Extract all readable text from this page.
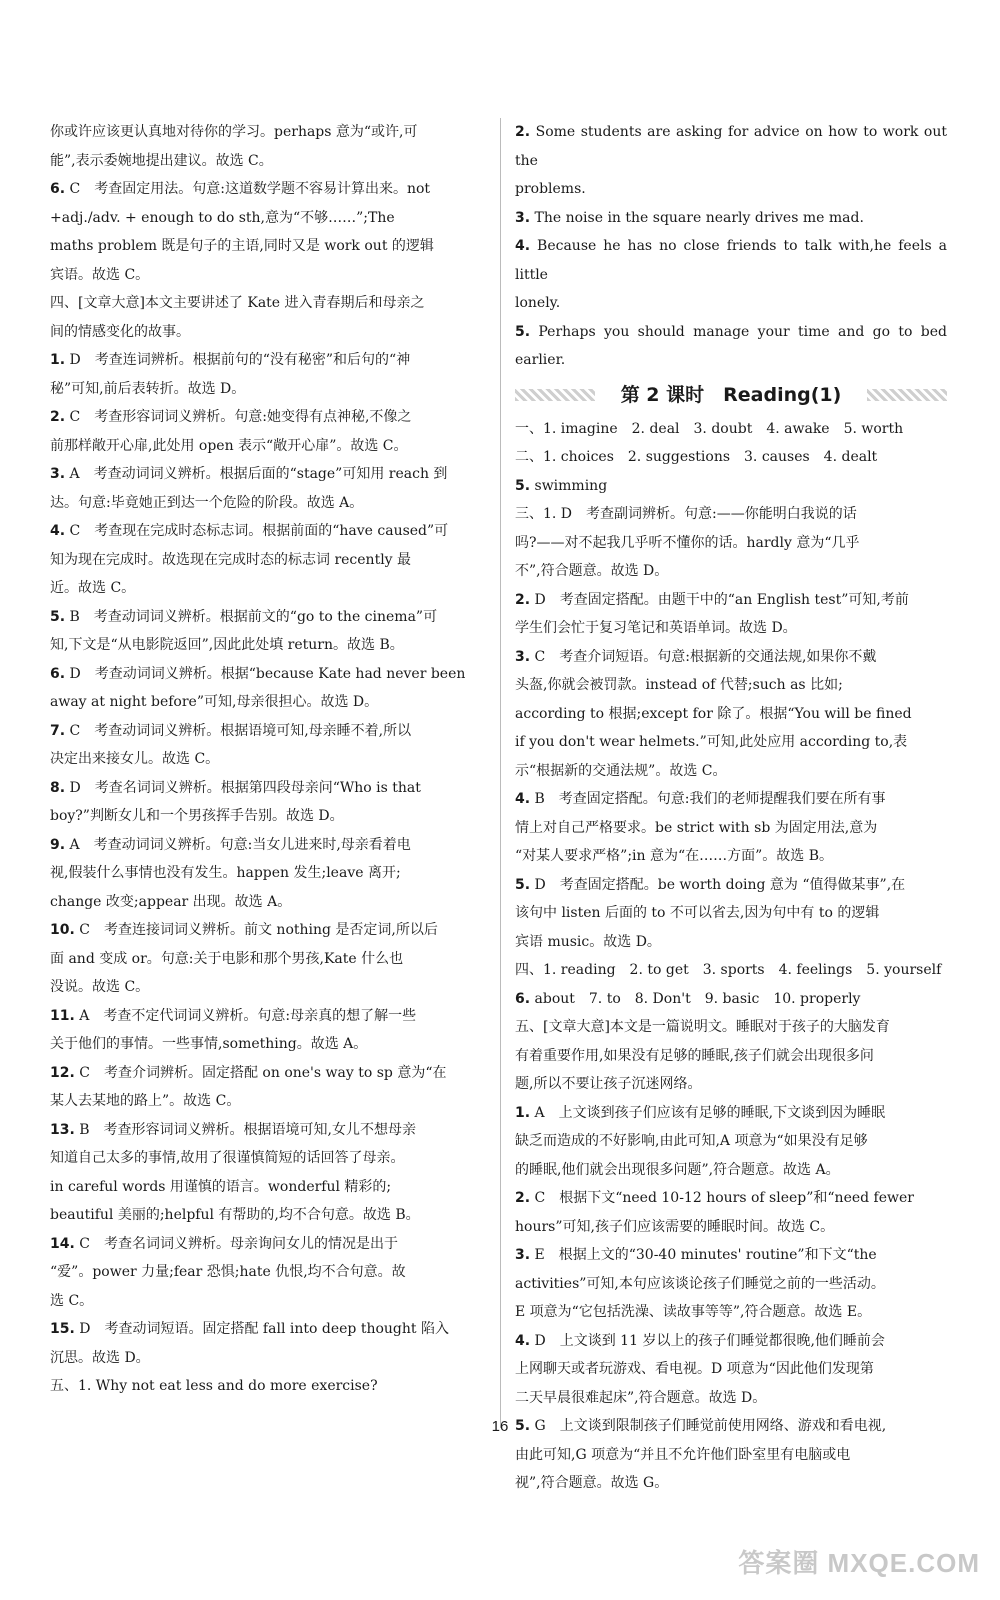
你或许应该更认真地对待你的学习。perhaps 意为“或许,可

能”,表示委婉地提出建议。故选 C。

6. C　考查固定用法。句意:这道数学题不容易计算出来。not

+adj./adv. + enough to do sth,意为“不够……”;The

maths problem 既是句子的主语,同时又是 work out 的逻辑

宾语。故选 C。

四、[文章大意]本文主要讲述了 Kate 进入青春期后和母亲之

间的情感变化的故事。

1. D　考查连词辨析。根据前句的“没有秘密”和后句的“神

秘”可知,前后表转折。故选 D。

2. C　考查形容词词义辨析。句意:她变得有点神秘,不像之

前那样敞开心扉,此处用 open 表示“敞开心扉”。故选 C。

3. A　考查动词词义辨析。根据后面的“stage”可知用 reach 到

达。句意:毕竟她正到达一个危险的阶段。故选 A。

4. C　考查现在完成时态标志词。根据前面的“have caused”可

知为现在完成时。故选现在完成时态的标志词 recently 最

近。故选 C。

5. B　考查动词词义辨析。根据前文的“go to the cinema”可

知,下文是“从电影院返回”,因此此处填 return。故选 B。

6. D　考查动词词义辨析。根据“because Kate had never been

away at night before”可知,母亲很担心。故选 D。

7. C　考查动词词义辨析。根据语境可知,母亲睡不着,所以

决定出来接女儿。故选 C。

8. D　考查名词词义辨析。根据第四段母亲问“Who is that

boy?”判断女儿和一个男孩挥手告别。故选 D。

9. A　考查动词词义辨析。句意:当女儿进来时,母亲看着电

视,假装什么事情也没有发生。happen 发生;leave 离开;

change 改变;appear 出现。故选 A。

10. C　考查连接词词义辨析。前文 nothing 是否定词,所以后

面 and 变成 or。句意:关于电影和那个男孩,Kate 什么也

没说。故选 C。

11. A　考查不定代词词义辨析。句意:母亲真的想了解一些

关于他们的事情。一些事情,something。故选 A。

12. C　考查介词辨析。固定搭配 on one's way to sp 意为“在

某人去某地的路上”。故选 C。

13. B　考查形容词词义辨析。根据语境可知,女儿不想母亲

知道自己太多的事情,故用了很谨慎简短的话回答了母亲。

in careful words 用谨慎的语言。wonderful 精彩的;

beautiful 美丽的;helpful 有帮助的,均不合句意。故选 B。

14. C　考查名词词义辨析。母亲询问女儿的情况是出于

“爱”。power 力量;fear 恐惧;hate 仇恨,均不合句意。故

选 C。

15. D　考查动词短语。固定搭配 fall into deep thought 陷入

沉思。故选 D。

五、1. Why not eat less and do more exercise?

2. Some students are asking for advice on how to work out the

problems.

3. The noise in the square nearly drives me mad.

4. Because he has no close friends to talk with,he feels a little

lonely.

5. Perhaps you should manage your time and go to bed earlier.

第 2 课时　Reading(1)

一、1. imagine　2. deal　3. doubt　4. awake　5. worth

二、1. choices　2. suggestions　3. causes　4. dealt

5. swimming

三、1. D　考查副词辨析。句意:——你能明白我说的话

吗?——对不起我几乎听不懂你的话。hardly 意为“几乎

不”,符合题意。故选 D。

2. D　考查固定搭配。由题干中的“an English test”可知,考前

学生们会忙于复习笔记和英语单词。故选 D。

3. C　考查介词短语。句意:根据新的交通法规,如果你不戴

头盔,你就会被罚款。instead of 代替;such as 比如;

according to 根据;except for 除了。根据“You will be fined

if you don't wear helmets.”可知,此处应用 according to,表

示“根据新的交通法规”。故选 C。

4. B　考查固定搭配。句意:我们的老师提醒我们要在所有事

情上对自己严格要求。be strict with sb 为固定用法,意为

“对某人要求严格”;in 意为“在……方面”。故选 B。

5. D　考查固定搭配。be worth doing 意为 “值得做某事”,在

该句中 listen 后面的 to 不可以省去,因为句中有 to 的逻辑

宾语 music。故选 D。

四、1. reading　2. to get　3. sports　4. feelings　5. yourself

6. about　7. to　8. Don't　9. basic　10. properly

五、[文章大意]本文是一篇说明文。睡眠对于孩子的大脑发育

有着重要作用,如果没有足够的睡眠,孩子们就会出现很多问

题,所以不要让孩子沉迷网络。

1. A　上文谈到孩子们应该有足够的睡眠,下文谈到因为睡眠

缺乏而造成的不好影响,由此可知,A 项意为“如果没有足够

的睡眠,他们就会出现很多问题”,符合题意。故选 A。

2. C　根据下文“need 10-12 hours of sleep”和“need fewer

hours”可知,孩子们应该需要的睡眠时间。故选 C。

3. E　根据上文的“30-40 minutes' routine”和下文“the

activities”可知,本句应该谈论孩子们睡觉之前的一些活动。

E 项意为“它包括洗澡、读故事等等”,符合题意。故选 E。

4. D　上文谈到 11 岁以上的孩子们睡觉都很晚,他们睡前会

上网聊天或者玩游戏、看电视。D 项意为“因此他们发现第

二天早晨很难起床”,符合题意。故选 D。

5. G　上文谈到限制孩子们睡觉前使用网络、游戏和看电视,

由此可知,G 项意为“并且不允许他们卧室里有电脑或电

视”,符合题意。故选 G。

16
答案圈 MXQE.COM
